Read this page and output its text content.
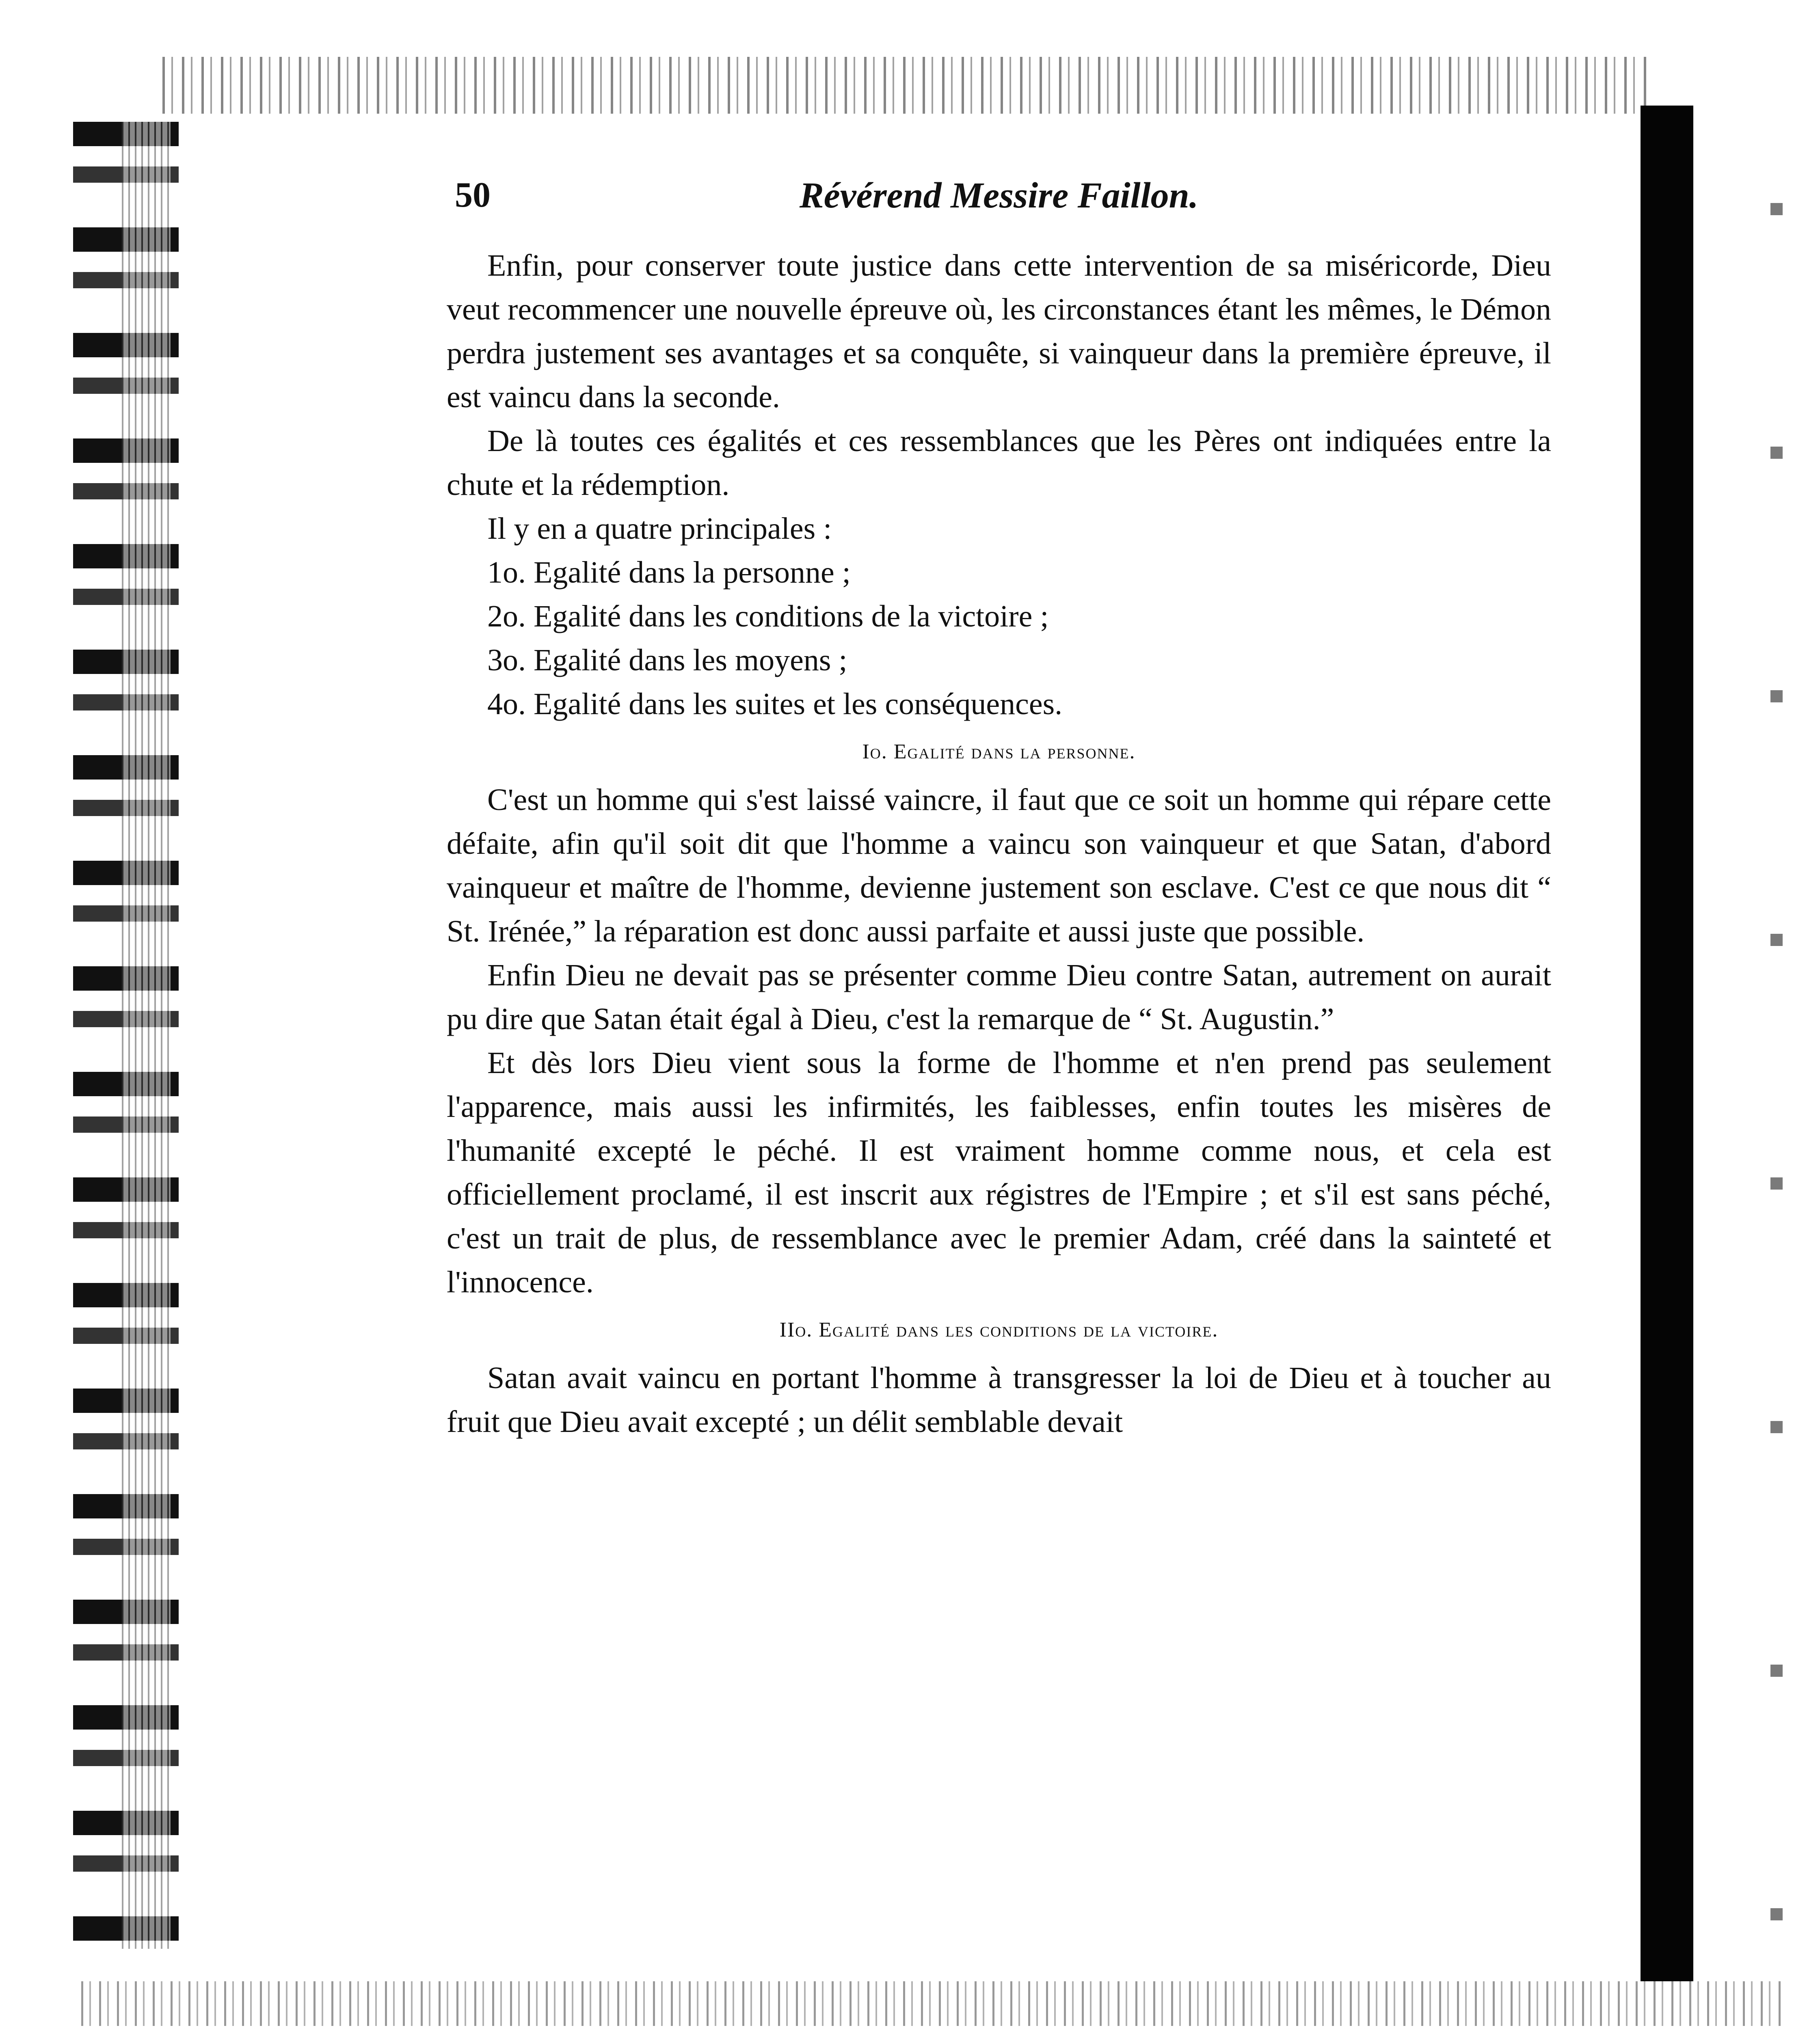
50	Révérend Messire Faillon.

Enfin, pour conserver toute justice dans cette intervention de sa miséricorde, Dieu veut recommencer une nouvelle épreuve où, les circonstances étant les mêmes, le Démon perdra justement ses avantages et sa conquête, si vainqueur dans la première épreuve, il est vaincu dans la seconde.

De là toutes ces égalités et ces ressemblances que les Pères ont indiquées entre la chute et la rédemption.

Il y en a quatre principales :

1o. Egalité dans la personne ;
2o. Egalité dans les conditions de la victoire ;
3o. Egalité dans les moyens ;
4o. Egalité dans les suites et les conséquences.
Io. Egalité dans la personne.

C'est un homme qui s'est laissé vaincre, il faut que ce soit un homme qui répare cette défaite, afin qu'il soit dit que l'homme a vaincu son vainqueur et que Satan, d'abord vainqueur et maître de l'homme, devienne justement son esclave. C'est ce que nous dit “ St. Irénée,” la réparation est donc aussi parfaite et aussi juste que possible.

Enfin Dieu ne devait pas se présenter comme Dieu contre Satan, autrement on aurait pu dire que Satan était égal à Dieu, c'est la remarque de “ St. Augustin.”

Et dès lors Dieu vient sous la forme de l'homme et n'en prend pas seulement l'apparence, mais aussi les infirmités, les faiblesses, enfin toutes les misères de l'humanité excepté le péché. Il est vraiment homme comme nous, et cela est officiellement proclamé, il est inscrit aux régistres de l'Empire ; et s'il est sans péché, c'est un trait de plus, de ressemblance avec le premier Adam, créé dans la sainteté et l'innocence.

IIo. Egalité dans les conditions de la victoire.

Satan avait vaincu en portant l'homme à transgresser la loi de Dieu et à toucher au fruit que Dieu avait excepté ; un délit semblable devait
